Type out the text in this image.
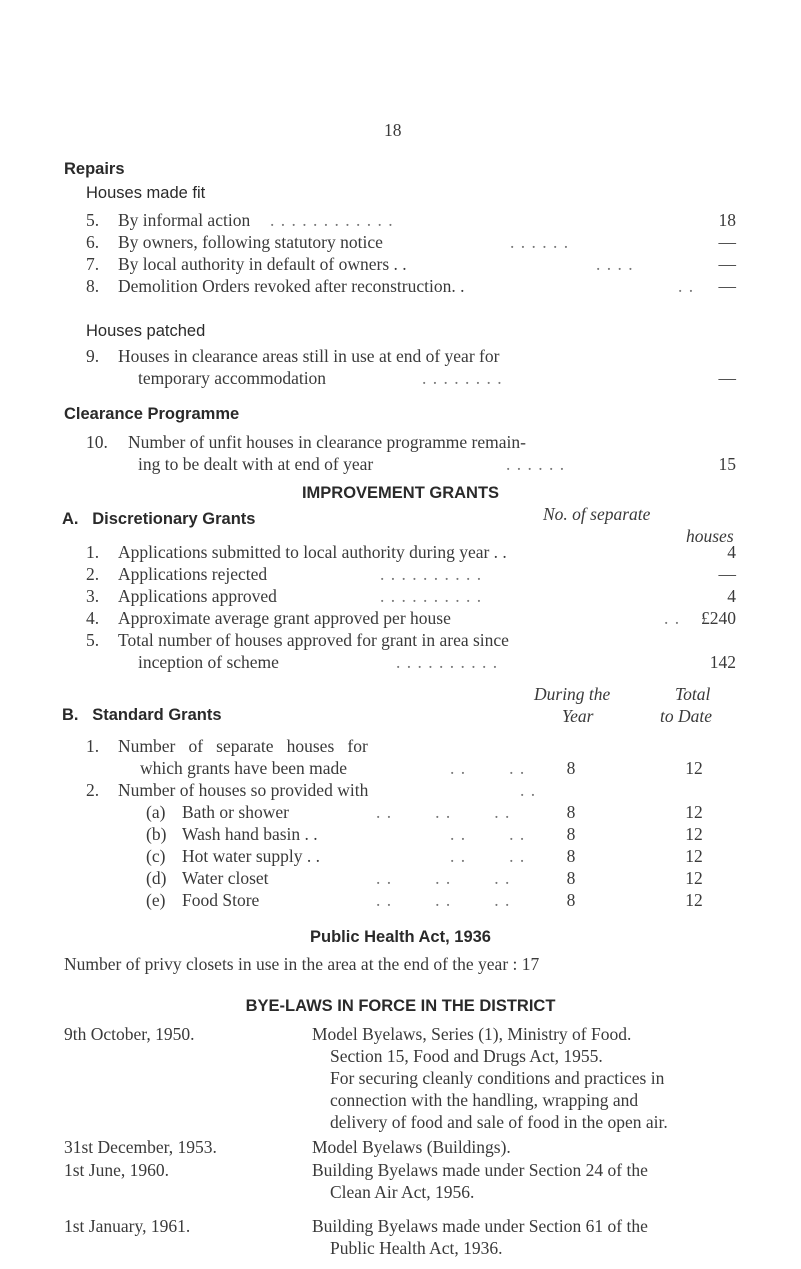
18
Repairs
Houses made fit
5. By informal action . . . . . . . . . . . .	18
6. By owners, following statutory notice	. . . . . .	—
7. By local authority in default of owners . .	. . . .	—
8. Demolition Orders revoked after reconstruction. .	. .	—
Houses patched
9. Houses in clearance areas still in use at end of year for
temporary accommodation	. . . . . . . .	—
Clearance Programme
10. Number of unfit houses in clearance programme remain-
ing to be dealt with at end of year	. . . . . .	15
IMPROVEMENT GRANTS
No. of separate
houses
A.   Discretionary Grants
1. Applications submitted to local authority during year . .	4
2. Applications rejected	. . . . . . . . . .	—
3. Applications approved	. . . . . . . . . .	4
4. Approximate average grant approved per house	. .	£240
5. Total number of houses approved for grant in area since
inception of scheme	. . . . . . . . . .	142
During the
Year
Total
to Date
B.   Standard Grants
1. Number   of   separate   houses   for
which grants have been made	. .        . .	8	12
2. Number of houses so provided with	. .
(a) Bath or shower	. .        . .        . .	8	12
(b) Wash hand basin . .	. .        . .	8	12
(c) Hot water supply . .	. .        . .	8	12
(d) Water closet	. .        . .        . .	8	12
(e) Food Store	. .        . .        . .	8	12
Public Health Act, 1936
Number of privy closets in use in the area at the end of the year : 17
BYE-LAWS IN FORCE IN THE DISTRICT
9th October, 1950.	Model Byelaws, Series (1), Ministry of Food.
Section 15, Food and Drugs Act, 1955.
For securing cleanly conditions and practices in
connection with the handling, wrapping and
delivery of food and sale of food in the open air.
31st December, 1953.	Model Byelaws (Buildings).
1st June, 1960.	Building Byelaws made under Section 24 of the
Clean Air Act, 1956.
1st January, 1961.	Building Byelaws made under Section 61 of the
Public Health Act, 1936.
